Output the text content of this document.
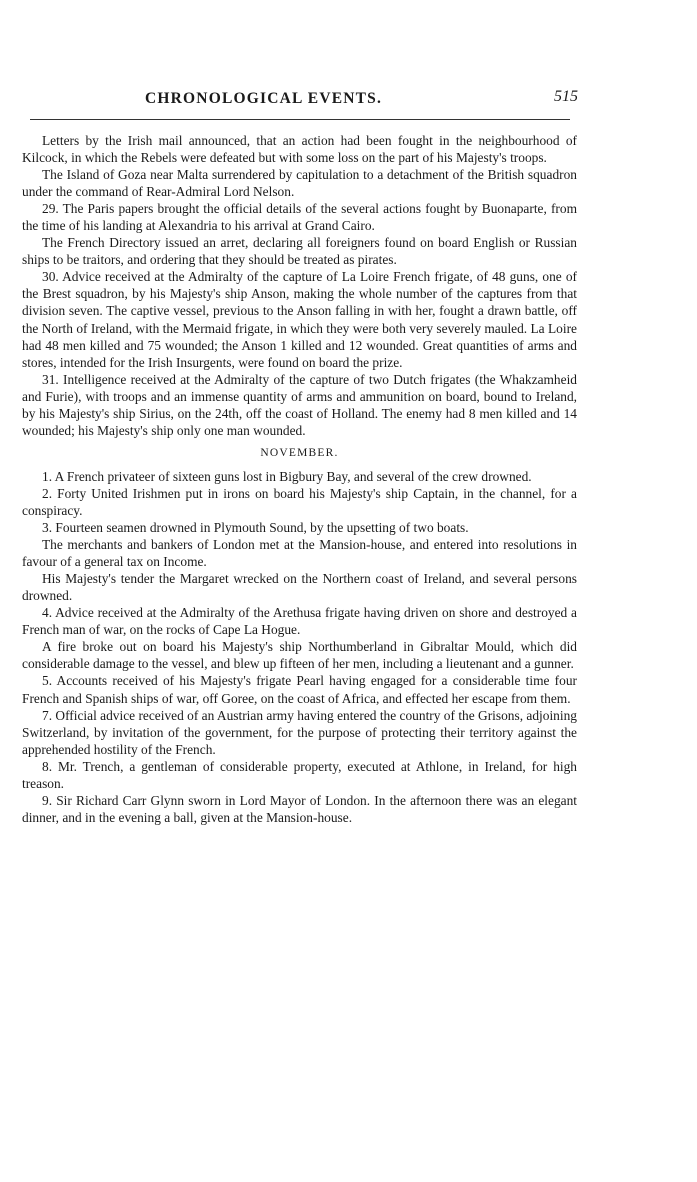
CHRONOLOGICAL EVENTS.	515

Letters by the Irish mail announced, that an action had been fought in the neighbourhood of Kilcock, in which the Rebels were defeated but with some loss on the part of his Majesty's troops.

The Island of Goza near Malta surrendered by capitulation to a detachment of the British squadron under the command of Rear-Admiral Lord Nelson.

29. The Paris papers brought the official details of the several actions fought by Buonaparte, from the time of his landing at Alexandria to his arrival at Grand Cairo.

The French Directory issued an arret, declaring all foreigners found on board English or Russian ships to be traitors, and ordering that they should be treated as pirates.

30. Advice received at the Admiralty of the capture of La Loire French frigate, of 48 guns, one of the Brest squadron, by his Majesty's ship Anson, making the whole number of the captures from that division seven. The captive vessel, previous to the Anson falling in with her, fought a drawn battle, off the North of Ireland, with the Mermaid frigate, in which they were both very severely mauled. La Loire had 48 men killed and 75 wounded; the Anson 1 killed and 12 wounded. Great quantities of arms and stores, intended for the Irish Insurgents, were found on board the prize.

31. Intelligence received at the Admiralty of the capture of two Dutch frigates (the Whakzamheid and Furie), with troops and an immense quantity of arms and ammunition on board, bound to Ireland, by his Majesty's ship Sirius, on the 24th, off the coast of Holland. The enemy had 8 men killed and 14 wounded; his Majesty's ship only one man wounded.

NOVEMBER.

1. A French privateer of sixteen guns lost in Bigbury Bay, and several of the crew drowned.

2. Forty United Irishmen put in irons on board his Majesty's ship Captain, in the channel, for a conspiracy.

3. Fourteen seamen drowned in Plymouth Sound, by the upsetting of two boats.

The merchants and bankers of London met at the Mansion-house, and entered into resolutions in favour of a general tax on Income.

His Majesty's tender the Margaret wrecked on the Northern coast of Ireland, and several persons drowned.

4. Advice received at the Admiralty of the Arethusa frigate having driven on shore and destroyed a French man of war, on the rocks of Cape La Hogue.

A fire broke out on board his Majesty's ship Northumberland in Gibraltar Mould, which did considerable damage to the vessel, and blew up fifteen of her men, including a lieutenant and a gunner.

5. Accounts received of his Majesty's frigate Pearl having engaged for a considerable time four French and Spanish ships of war, off Goree, on the coast of Africa, and effected her escape from them.

7. Official advice received of an Austrian army having entered the country of the Grisons, adjoining Switzerland, by invitation of the government, for the purpose of protecting their territory against the apprehended hostility of the French.

8. Mr. Trench, a gentleman of considerable property, executed at Athlone, in Ireland, for high treason.

9. Sir Richard Carr Glynn sworn in Lord Mayor of London. In the afternoon there was an elegant dinner, and in the evening a ball, given at the Mansion-house.
